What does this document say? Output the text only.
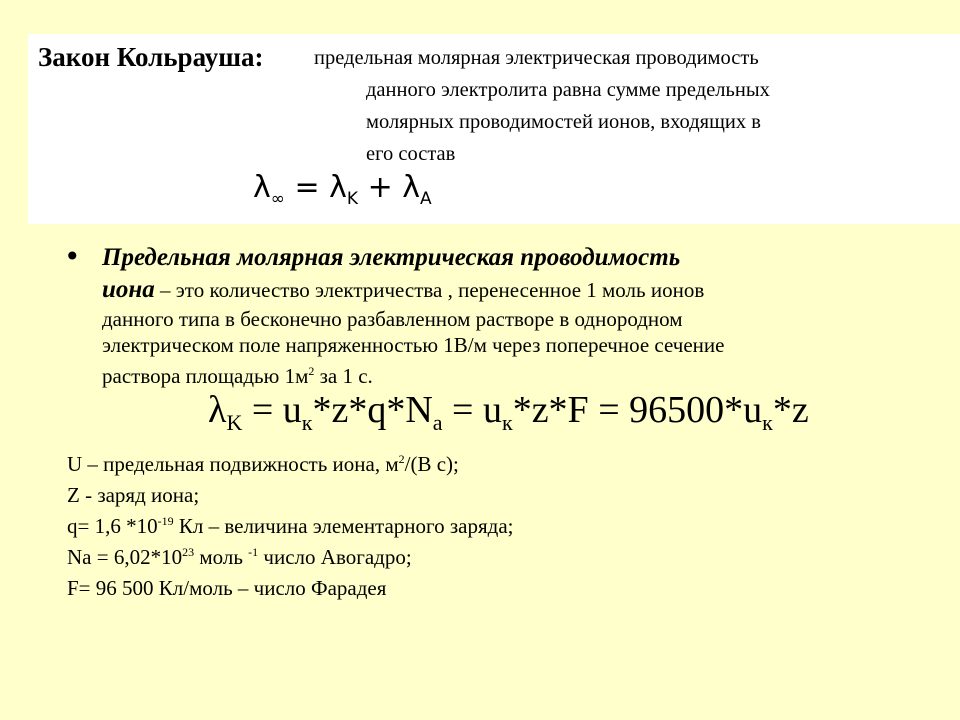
Закон Кольрауша: предельная молярная электрическая проводимость
данного электролита равна сумме предельных
молярных проводимостей ионов, входящих в
его состав
$\lambda_\infty = \lambda_K + \lambda_A$
• Предельная молярная электрическая проводимость
иона – это количество электричества , перенесенное 1 моль ионов
данного типа в бесконечно разбавленном растворе в однородном
электрическом поле напряженностью 1В/м через поперечное сечение
раствора площадью $1м^2$ за 1 с.
$\lambda_K = u_к*z*q*N_a = u_к*z*F = 96500*u_к*z$
U – предельная подвижность иона, $м^2/(В$ с);
Z - заряд иона;
q= 1,6 $*10^{-19}$ Кл – величина элементарного заряда;
$Na = 6,02*10^{23}$ моль $^{-1}$ число Авогадро;
F= 96 500 Кл/моль – число Фарадея
